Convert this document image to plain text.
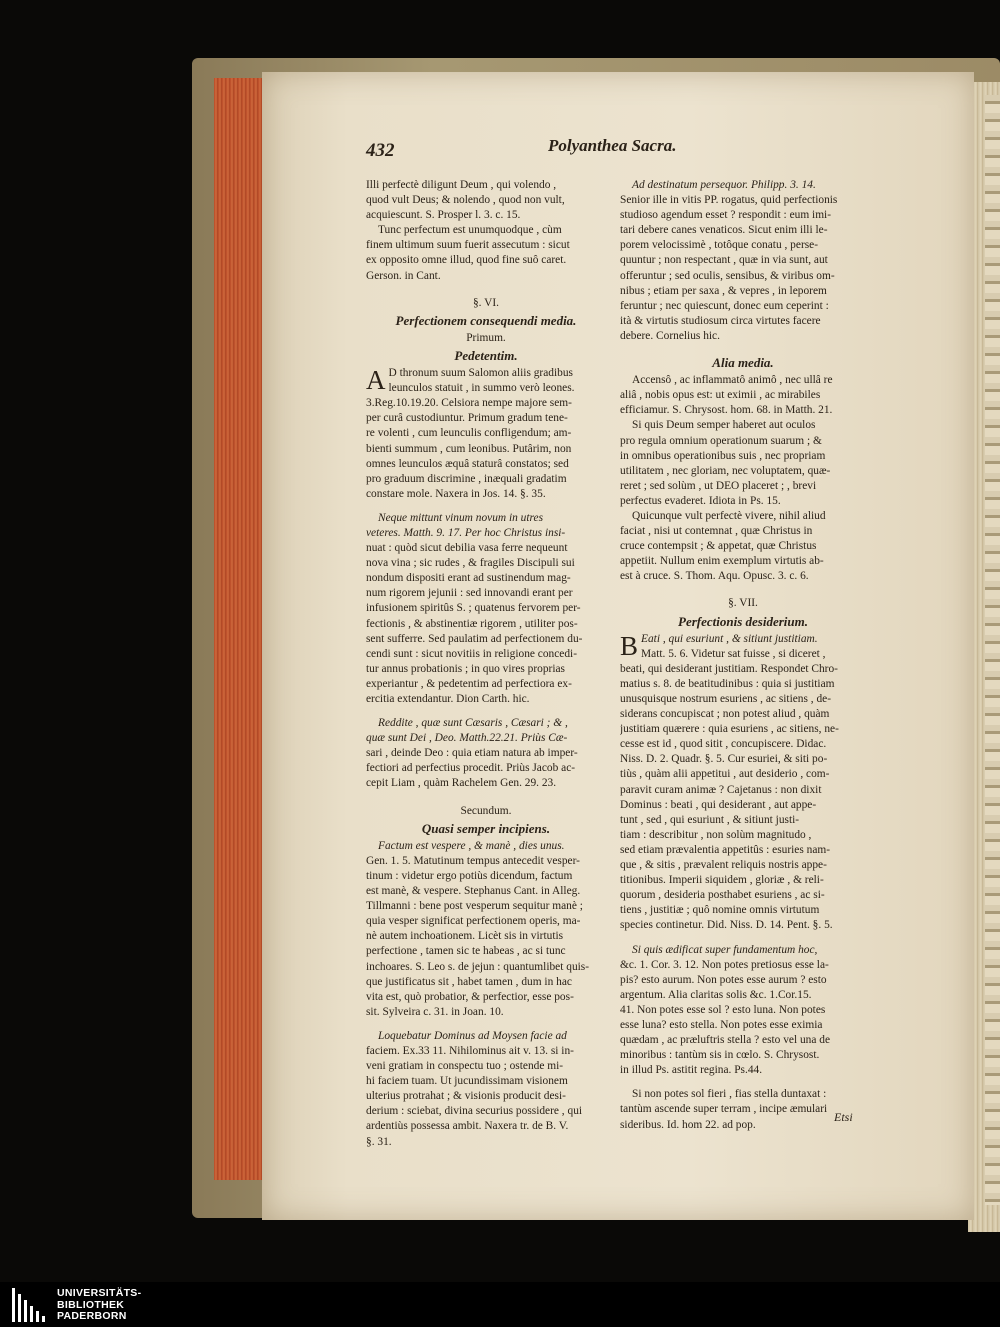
432	Polyanthea Sacra.
Illi perfectè diligunt Deum , qui volendo ,
quod vult Deus; & nolendo , quod non vult,
acquiescunt. S. Prosper l. 3. c. 15.
Tunc perfectum est unumquodque , cùm
finem ultimum suum fuerit assecutum : sicut
ex opposito omne illud, quod fine suô caret.
Gerson. in Cant.
§. VI.
Perfectionem consequendi media.
Primum.
Pedetentim.
A D thronum suum Salomon aliis gradibus
leunculos statuit , in summo verò leones.
3.Reg.10.19.20. Celsiora nempe majore sem-
per curâ custodiuntur. Primum gradum tene-
re volenti , cum leunculis confligendum; am-
bienti summum , cum leonibus. Putârim, non
omnes leunculos æquâ staturâ constatos; sed
pro graduum discrimine , inæquali gradatim
constare mole. Naxera in Jos. 14. §. 35.
Neque mittunt vinum novum in utres
veteres. Matth. 9. 17. Per hoc Christus insi-
nuat : quòd sicut debilia vasa ferre nequeunt
nova vina ; sic rudes , & fragiles Discipuli sui
nondum dispositi erant ad sustinendum mag-
num rigorem jejunii : sed innovandi erant per
infusionem spiritûs S. ; quatenus fervorem per-
fectionis , & abstinentiæ rigorem , utiliter pos-
sent sufferre. Sed paulatim ad perfectionem du-
cendi sunt : sicut novitiis in religione concedi-
tur annus probationis ; in quo vires proprias
experiantur , & pedetentim ad perfectiora ex-
ercitia extendantur. Dion Carth. hic.
Reddite , quæ sunt Cæsaris , Cæsari ; & ,
quæ sunt Dei , Deo. Matth.22.21. Priùs Cæ-
sari , deinde Deo : quia etiam natura ab imper-
fectiori ad perfectius procedit. Priùs Jacob ac-
cepit Liam , quàm Rachelem Gen. 29. 23.
Secundum.
Quasi semper incipiens.
Factum est vespere , & manè , dies unus.
Gen. 1. 5. Matutinum tempus antecedit vesper-
tinum : videtur ergo potiùs dicendum, factum
est manè, & vespere. Stephanus Cant. in Alleg.
Tillmanni : bene post vesperum sequitur manè ;
quia vesper significat perfectionem operis, ma-
nè autem inchoationem. Licèt sis in virtutis
perfectione , tamen sic te habeas , ac si tunc
inchoares. S. Leo s. de jejun : quantumlibet quis-
que justificatus sit , habet tamen , dum in hac
vita est, quò probatior, & perfectior, esse pos-
sit. Sylveira c. 31. in Joan. 10.
Loquebatur Dominus ad Moysen facie ad
faciem. Ex.33 11. Nihilominus ait v. 13. si in-
veni gratiam in conspectu tuo ; ostende mi-
hi faciem tuam. Ut jucundissimam visionem
ulterius protrahat ; & visionis producit desi-
derium : sciebat, divina securius possidere , qui
ardentiùs possessa ambit. Naxera tr. de B. V.
§. 31.
Ad destinatum persequor. Philipp. 3. 14.
Senior ille in vitis PP. rogatus, quid perfectionis
studioso agendum esset ? respondit : eum imi-
tari debere canes venaticos. Sicut enim illi le-
porem velocissimè , totôque conatu , perse-
quuntur ; non respectant , quæ in via sunt, aut
offeruntur ; sed oculis, sensibus, & viribus om-
nibus ; etiam per saxa , & vepres , in leporem
feruntur ; nec quiescunt, donec eum ceperint :
ità & virtutis studiosum circa virtutes facere
debere. Cornelius hic.
Alia media.
Accensô , ac inflammatô animô , nec ullâ re
aliâ , nobis opus est: ut eximii , ac mirabiles
efficiamur. S. Chrysost. hom. 68. in Matth. 21.
Si quis Deum semper haberet aut oculos
pro regula omnium operationum suarum ; &
in omnibus operationibus suis , nec propriam
utilitatem , nec gloriam, nec voluptatem, quæ-
reret ; sed solùm , ut DEO placeret ; , brevi
perfectus evaderet. Idiota in Ps. 15.
Quicunque vult perfectè vivere, nihil aliud
faciat , nisi ut contemnat , quæ Christus in
cruce contempsit ; & appetat, quæ Christus
appetiit. Nullum enim exemplum virtutis ab-
est à cruce. S. Thom. Aqu. Opusc. 3. c. 6.
§. VII.
Perfectionis desiderium.
B Eati , qui esuriunt , & sitiunt justitiam.
Matt. 5. 6. Videtur sat fuisse , si diceret ,
beati, qui desiderant justitiam. Respondet Chro-
matius s. 8. de beatitudinibus : quia si justitiam
unusquisque nostrum esuriens , ac sitiens , de-
siderans concupiscat ; non potest aliud , quàm
justitiam quærere : quia esuriens , ac sitiens, ne-
cesse est id , quod sitit , concupiscere. Didac.
Niss. D. 2. Quadr. §. 5. Cur esuriei, & siti po-
tiùs , quàm alii appetitui , aut desiderio , com-
paravit curam animæ ? Cajetanus : non dixit
Dominus : beati , qui desiderant , aut appe-
tunt , sed , qui esuriunt , & sitiunt justi-
tiam : describitur , non solùm magnitudo ,
sed etiam prævalentia appetitûs : esuries nam-
que , & sitis , prævalent reliquis nostris appe-
titionibus. Imperii siquidem , gloriæ , & reli-
quorum , desideria posthabet esuriens , ac si-
tiens , justitiæ ; quô nomine omnis virtutum
species continetur. Did. Niss. D. 14. Pent. §. 5.
Si quis ædificat super fundamentum hoc,
&c. 1. Cor. 3. 12. Non potes pretiosus esse la-
pis? esto aurum. Non potes esse aurum ? esto
argentum. Alia claritas solis &c. 1.Cor.15.
41. Non potes esse sol ? esto luna. Non potes
esse luna? esto stella. Non potes esse eximia
quædam , ac præluftris stella ? esto vel una de
minoribus : tantùm sis in cœlo. S. Chrysost.
in illud Ps. astitit regina. Ps.44.
Si non potes sol fieri , fias stella duntaxat :
tantùm ascende super terram , incipe æmulari
sideribus. Id. hom 22. ad pop.
Etsi
UNIVERSITÄTS-
BIBLIOTHEK
PADERBORN
